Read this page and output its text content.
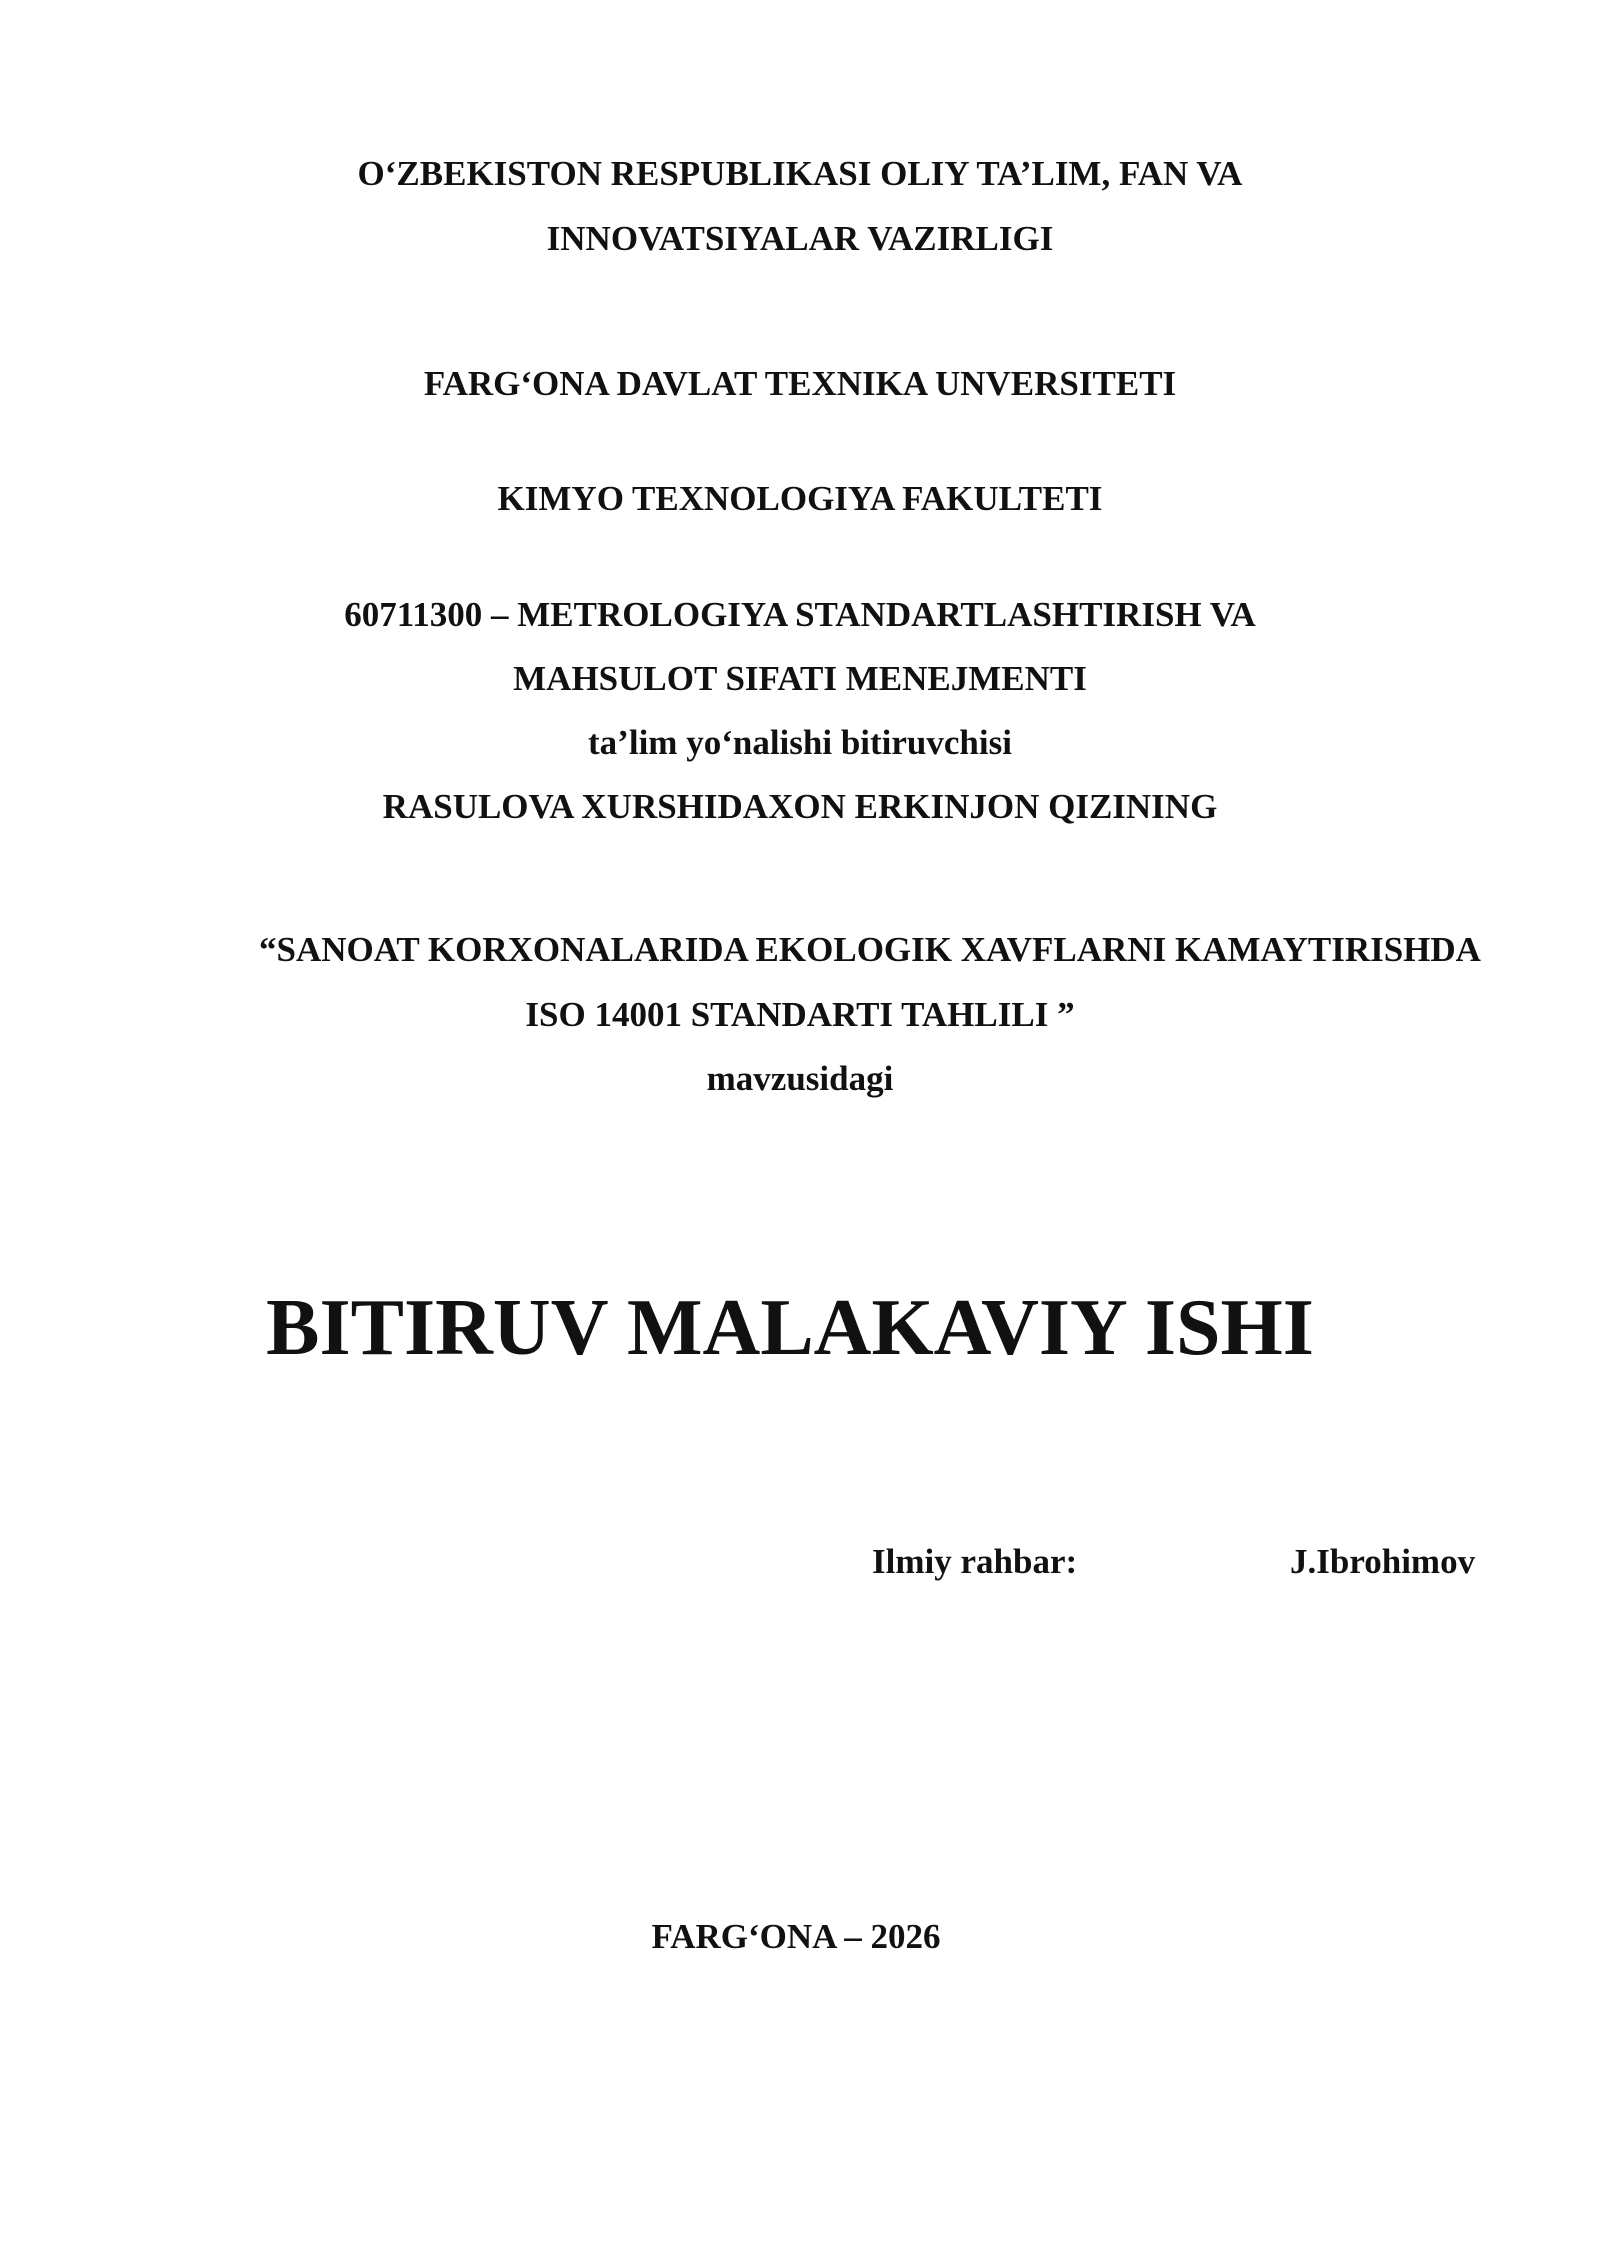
O‘ZBEKISTON RESPUBLIKASI OLIY TA’LIM, FAN VA
INNOVATSIYALAR VAZIRLIGI
FARG‘ONA DAVLAT TEXNIKA UNVERSITETI
KIMYO TEXNOLOGIYA FAKULTETI
60711300 – METROLOGIYA STANDARTLASHTIRISH VA
MAHSULOT SIFATI MENEJMENTI
ta’lim yo‘nalishi bitiruvchisi
RASULOVA XURSHIDAXON ERKINJON QIZINING
“SANOAT KORXONALARIDA EKOLOGIK XAVFLARNI KAMAYTIRISHDA
ISO 14001 STANDARTI TAHLILI ”
mavzusidagi
BITIRUV MALAKAVIY ISHI
Ilmiy rahbar:	J.Ibrohimov
FARG‘ONA – 2026
